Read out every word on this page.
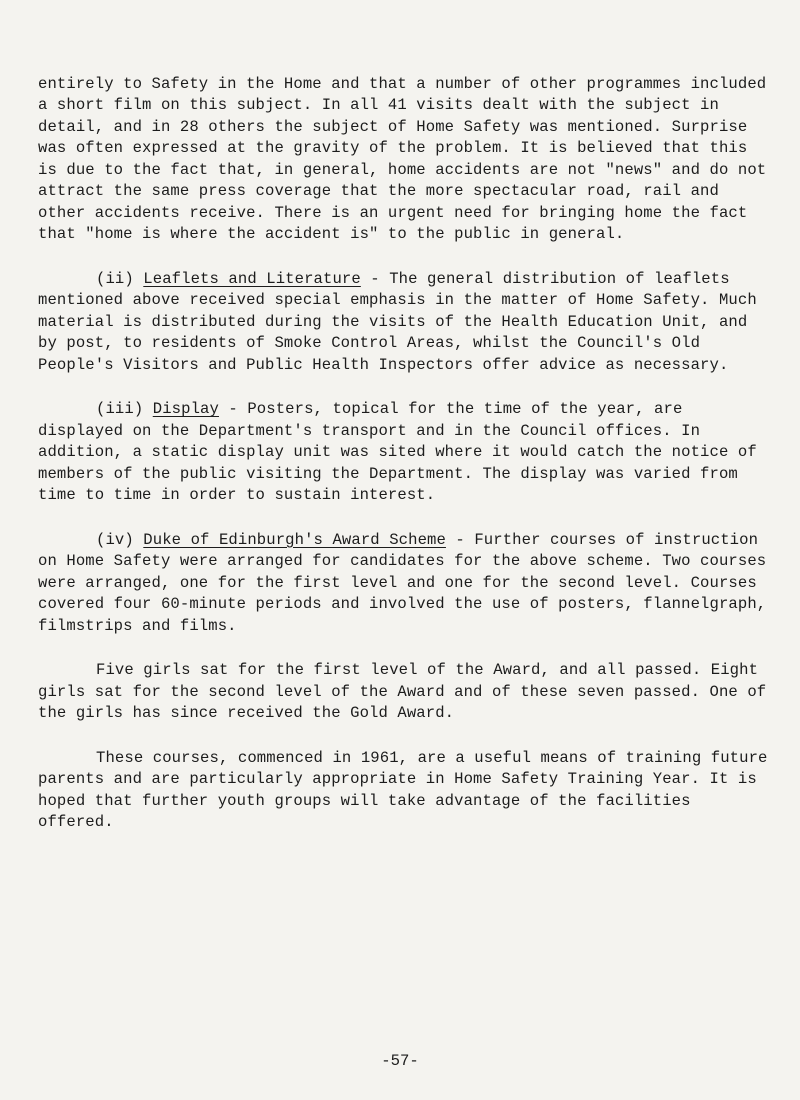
entirely to Safety in the Home and that a number of other programmes included a short film on this subject. In all 41 visits dealt with the subject in detail, and in 28 others the subject of Home Safety was mentioned. Surprise was often expressed at the gravity of the problem. It is believed that this is due to the fact that, in general, home accidents are not "news" and do not attract the same press coverage that the more spectacular road, rail and other accidents receive. There is an urgent need for bringing home the fact that "home is where the accident is" to the public in general.

(ii) Leaflets and Literature - The general distribution of leaflets mentioned above received special emphasis in the matter of Home Safety. Much material is distributed during the visits of the Health Education Unit, and by post, to residents of Smoke Control Areas, whilst the Council's Old People's Visitors and Public Health Inspectors offer advice as necessary.

(iii) Display - Posters, topical for the time of the year, are displayed on the Department's transport and in the Council offices. In addition, a static display unit was sited where it would catch the notice of members of the public visiting the Department. The display was varied from time to time in order to sustain interest.

(iv) Duke of Edinburgh's Award Scheme - Further courses of instruction on Home Safety were arranged for candidates for the above scheme. Two courses were arranged, one for the first level and one for the second level. Courses covered four 60-minute periods and involved the use of posters, flannelgraph, filmstrips and films.

Five girls sat for the first level of the Award, and all passed. Eight girls sat for the second level of the Award and of these seven passed. One of the girls has since received the Gold Award.

These courses, commenced in 1961, are a useful means of training future parents and are particularly appropriate in Home Safety Training Year. It is hoped that further youth groups will take advantage of the facilities offered.

-57-
